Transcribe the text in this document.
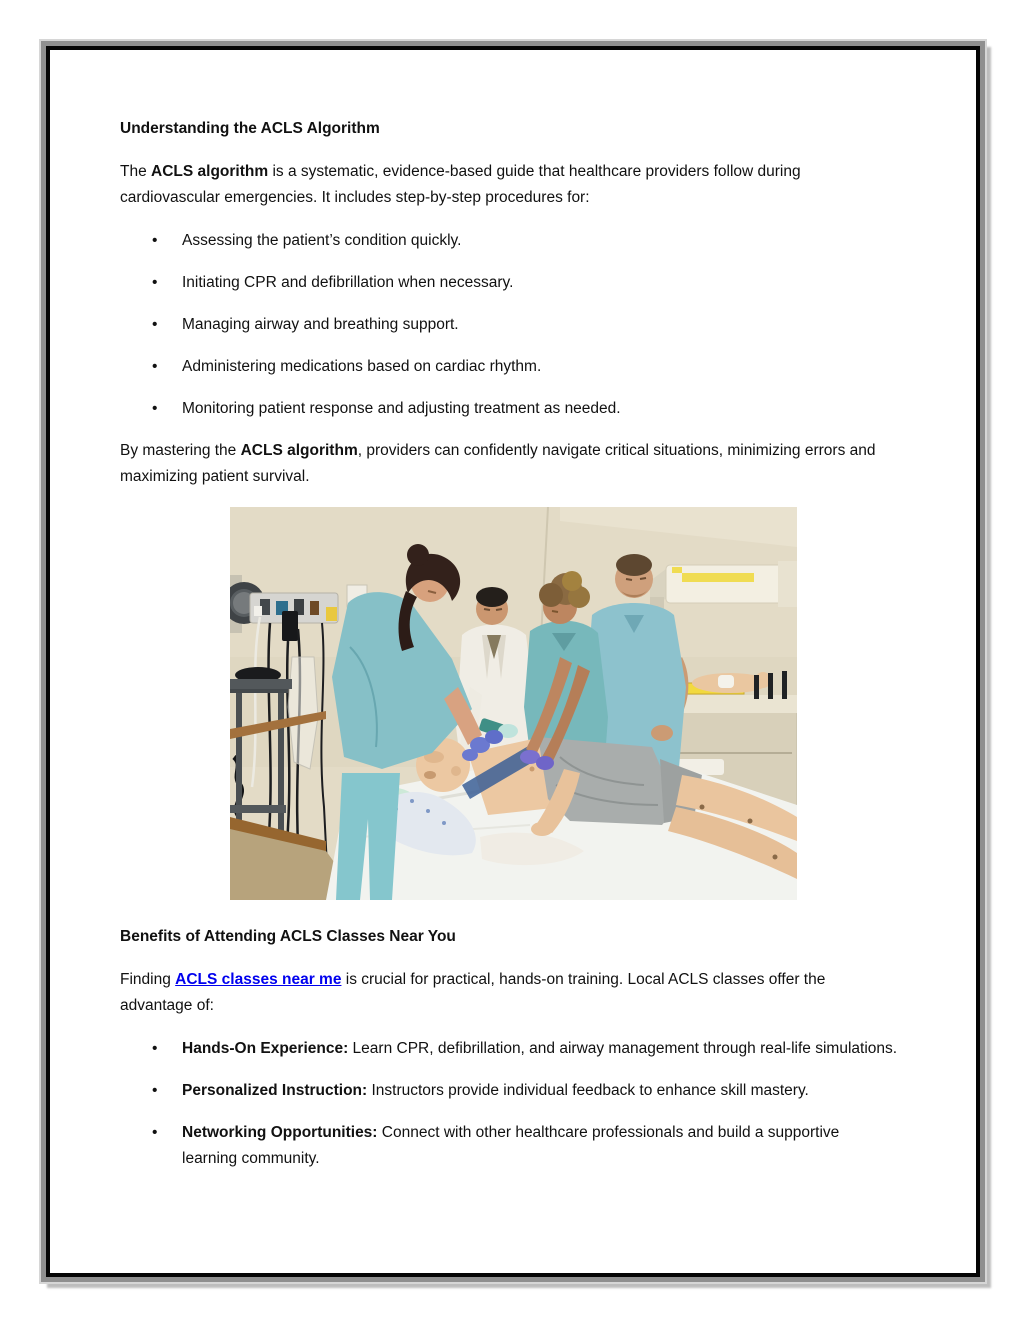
Understanding the ACLS Algorithm

The ACLS algorithm is a systematic, evidence-based guide that healthcare providers follow during cardiovascular emergencies. It includes step-by-step procedures for:

• Assessing the patient’s condition quickly.
• Initiating CPR and defibrillation when necessary.
• Managing airway and breathing support.
• Administering medications based on cardiac rhythm.
• Monitoring patient response and adjusting treatment as needed.

By mastering the ACLS algorithm, providers can confidently navigate critical situations, minimizing errors and maximizing patient survival.

Benefits of Attending ACLS Classes Near You

Finding ACLS classes near me is crucial for practical, hands-on training. Local ACLS classes offer the advantage of:

• Hands-On Experience: Learn CPR, defibrillation, and airway management through real-life simulations.
• Personalized Instruction: Instructors provide individual feedback to enhance skill mastery.
• Networking Opportunities: Connect with other healthcare professionals and build a supportive learning community.
